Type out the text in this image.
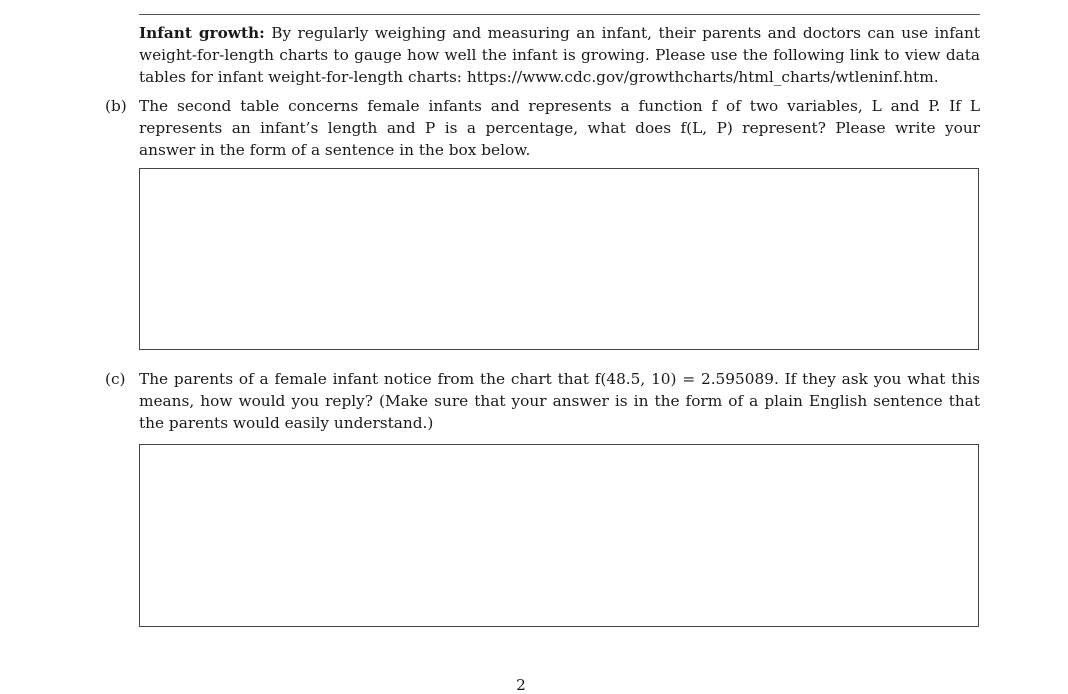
Infant growth: By regularly weighing and measuring an infant, their parents and doctors can use infant
weight-for-length charts to gauge how well the infant is growing. Please use the following link to view data
tables for infant weight-for-length charts: https://www.cdc.gov/growthcharts/html_charts/wtleninf.htm.

(b) The second table concerns female infants and represents a function f of two variables, L and P. If L
represents an infant’s length and P is a percentage, what does f(L, P) represent? Please write your
answer in the form of a sentence in the box below.

(c) The parents of a female infant notice from the chart that f(48.5, 10) = 2.595089. If they ask you what this
means, how would you reply? (Make sure that your answer is in the form of a plain English sentence that
the parents would easily understand.)

2
